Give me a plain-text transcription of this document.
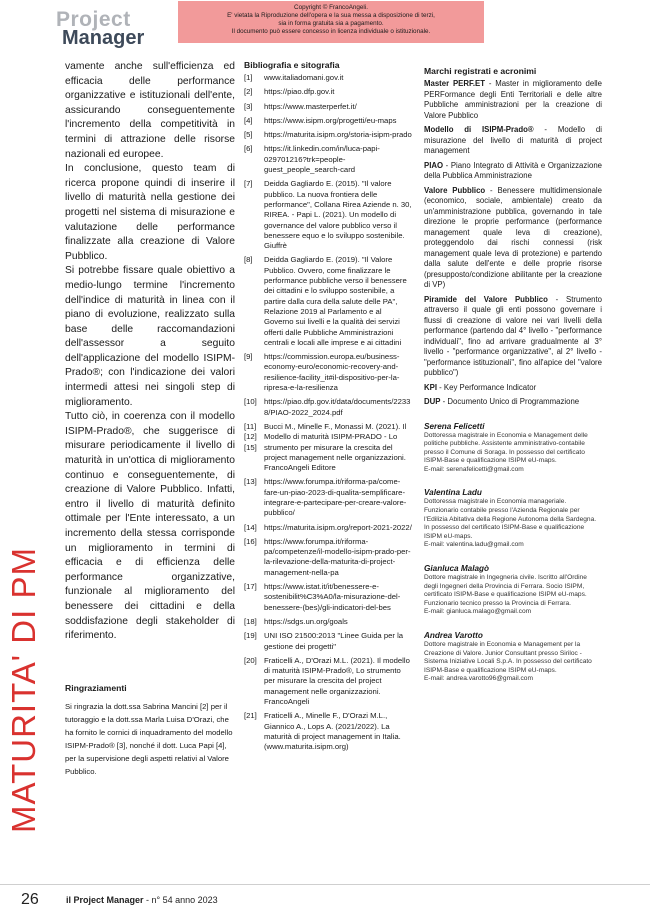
Project
Manager
Copyright © FrancoAngeli.
E' vietata la Riproduzione dell'opera e la sua messa a disposizione di terzi,
sia in forma gratuita sia a pagamento.
Il documento può essere concesso in licenza individuale o istituzionale.
MATURITA' DI PM

vamente anche sull'efficienza ed efficacia delle performance organizzative e istituzionali dell'ente, assicurando conseguentemente l'incremento della competitività in termini di attrazione delle risorse nazionali ed europee.

In conclusione, questo team di ricerca propone quindi di inserire il livello di maturità nella gestione dei progetti nel sistema di misurazione e valutazione delle performance finalizzate alla creazione di Valore Pubblico.

Si potrebbe fissare quale obiettivo a medio-lungo termine l'incremento dell'indice di maturità in linea con il piano di evoluzione, realizzato sulla base delle raccomandazioni dell'assessor a seguito dell'applicazione del modello ISIPM-Prado®; con l'indicazione dei valori intermedi attesi nei singoli step di miglioramento.

Tutto ciò, in coerenza con il modello ISIPM-Prado®, che suggerisce di misurare periodicamente il livello di maturità in un'ottica di miglioramento continuo e conseguentemente, di creazione di Valore Pubblico. Infatti, entro il livello di maturità definito ottimale per l'Ente interessato, a un incremento della stessa corrisponde un miglioramento in termini di efficacia e di efficienza delle performance organizzative, funzionale al miglioramento del benessere dei cittadini e della soddisfazione degli stakeholder di riferimento.

Ringraziamenti
Si ringrazia la dott.ssa Sabrina Mancini [2] per il tutoraggio e la dott.ssa Marla Luisa D'Orazi, che ha fornito le cornici di inquadramento del modello ISIPM-Prado® [3], nonché il dott. Luca Papi [4], per la supervisione degli aspetti relativi al Valore Pubblico.
Bibliografia e sitografia
[1]	www.italiadomani.gov.it
[2]	https://piao.dfp.gov.it
[3]	https://www.masterperfet.it/
[4]	https://www.isipm.org/progetti/eu-maps
[5]	https://maturita.isipm.org/storia-isipm-prado
[6]	https://it.linkedin.com/in/luca-papi-029701216?trk=people-guest_people_search-card
[7]	Deidda Gagliardo E. (2015). "Il valore pubblico. La nuova frontiera delle performance", Collana Rirea Aziende n. 30, RIREA. - Papi L. (2021). Un modello di governance del valore pubblico verso il benessere equo e lo sviluppo sostenibile. Giuffrè
[8]	Deidda Gagliardo E. (2019). "Il Valore Pubblico. Ovvero, come finalizzare le performance pubbliche verso il benessere dei cittadini e lo sviluppo sostenibile, a partire dalla cura della salute delle PA", Relazione 2019 al Parlamento e al Governo sui livelli e la qualità dei servizi offerti dalle Pubbliche Amministrazioni centrali e locali alle imprese e ai cittadini
[9]	https://commission.europa.eu/business-economy-euro/economic-recovery-and-resilience-facility_it#il-dispositivo-per-la-ripresa-e-la-resilienza
[10] https://piao.dfp.gov.it/data/documents/22338/PIAO-2022_2024.pdf
[11][12][15]
Bucci M., Minelle F., Monassi M. (2021). Il Modello di maturità ISIPM-PRADO - Lo strumento per misurare la crescita del project management nelle organizzazioni. FrancoAngeli Editore
[13] https://www.forumpa.it/riforma-pa/come-fare-un-piao-2023-di-qualita-semplificare-integrare-e-partecipare-per-creare-valore-pubblico/
[14] https://maturita.isipm.org/report-2021-2022/
[16] https://www.forumpa.it/riforma-pa/competenze/il-modello-isipm-prado-per-la-rilevazione-della-maturita-di-project-management-nella-pa
[17] https://www.istat.it/it/benessere-e-sostenibilit%C3%A0/la-misurazione-del-benessere-(bes)/gli-indicatori-del-bes
[18] https://sdgs.un.org/goals
[19] UNI ISO 21500:2013 "Linee Guida per la gestione dei progetti"
[20] Fraticelli A., D'Orazi M.L. (2021). Il modello di maturità ISIPM-Prado®, Lo strumento per misurare la crescita del project management nelle organizzazioni. FrancoAngeli
[21] Fraticelli A., Minelle F., D'Orazi M.L., Giannico A., Lops A. (2021/2022). La maturità di project management in Italia. (www.maturita.isipm.org)
Marchi registrati e acronimi
Master PERF.ET - Master in miglioramento delle PERFormance degli Enti Territoriali e delle altre Pubbliche amministrazioni per la creazione di Valore Pubblico
Modello di ISIPM-Prado® - Modello di misurazione del livello di maturità di project management
PIAO - Piano Integrato di Attività e Organizzazione della Pubblica Amministrazione
Valore Pubblico - Benessere multidimensionale (economico, sociale, ambientale) creato da un'amministrazione pubblica, governando in tale direzione le proprie performance (performance management quale leva di creazione), proteggendolo dai rischi connessi (risk management quale leva di protezione) e partendo dalla salute dell'ente e delle proprie risorse (presupposto/condizione abilitante per la creazione di VP)
Piramide del Valore Pubblico - Strumento attraverso il quale gli enti possono governare i flussi di creazione di valore nei vari livelli della performance (partendo dal 4° livello - "performance individuali", fino ad arrivare gradualmente al 3° livello - "performance organizzative", al 2° livello - "performance istituzionali", fino all'apice del "valore pubblico")
KPI - Key Performance Indicator
DUP - Documento Unico di Programmazione
Serena Felicetti
Dottoressa magistrale in Economia e Management delle politiche pubbliche. Assistente amministrativo-contabile presso il Comune di Soraga. In possesso del certificato ISIPM-Base e qualificazione ISIPM eU-maps.
E-mail: serenafelicetti@gmail.com
Valentina Ladu
Dottoressa magistrale in Economia manageriale. Funzionario contabile presso l'Azienda Regionale per l'Edilizia Abitativa della Regione Autonoma della Sardegna. In possesso del certificato ISIPM-Base e qualificazione ISIPM eU-maps.
E-mail: valentina.ladu@gmail.com
Gianluca Malagò
Dottore magistrale in Ingegneria civile. Iscritto all'Ordine degli Ingegneri della Provincia di Ferrara. Socio ISIPM, certificato ISIPM-Base e qualificazione ISIPM eU-maps. Funzionario tecnico presso la Provincia di Ferrara.
E-mail: gianluca.malago@gmail.com
Andrea Varotto
Dottore magistrale in Economia e Management per la Creazione di Valore. Junior Consultant presso Siriloc - Sistema Iniziative Locali S.p.A. In possesso del certificato ISIPM-Base e qualificazione ISIPM eU-maps.
E-mail: andrea.varotto96@gmail.com
26	il Project Manager - n° 54 anno 2023
